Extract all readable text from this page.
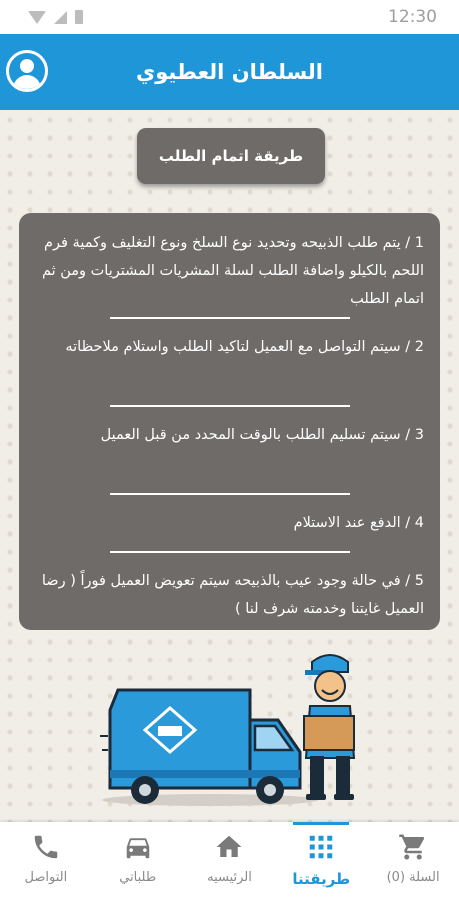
12:30
السلطان العطيوي
طريقة اتمام الطلب
1 / يتم طلب الذبيحه وتحديد نوع السلخ ونوع التغليف وكمية فرم اللحم بالكيلو واضافة الطلب لسلة المشريات المشتريات ومن ثم اتمام الطلب
2 / سيتم التواصل مع العميل لتاكيد الطلب واستلام ملاحظاته
3 / سيتم تسليم الطلب بالوقت المحدد من قبل العميل
4 / الدفع عند الاستلام
5 / في حالة وجود عيب بالذبيحه سيتم تعويض العميل فوراً ( رضا العميل غايتنا وخدمته شرف لنا )
التواصل	طلباتي	الرئيسيه	طريقتنا	السلة (0)
